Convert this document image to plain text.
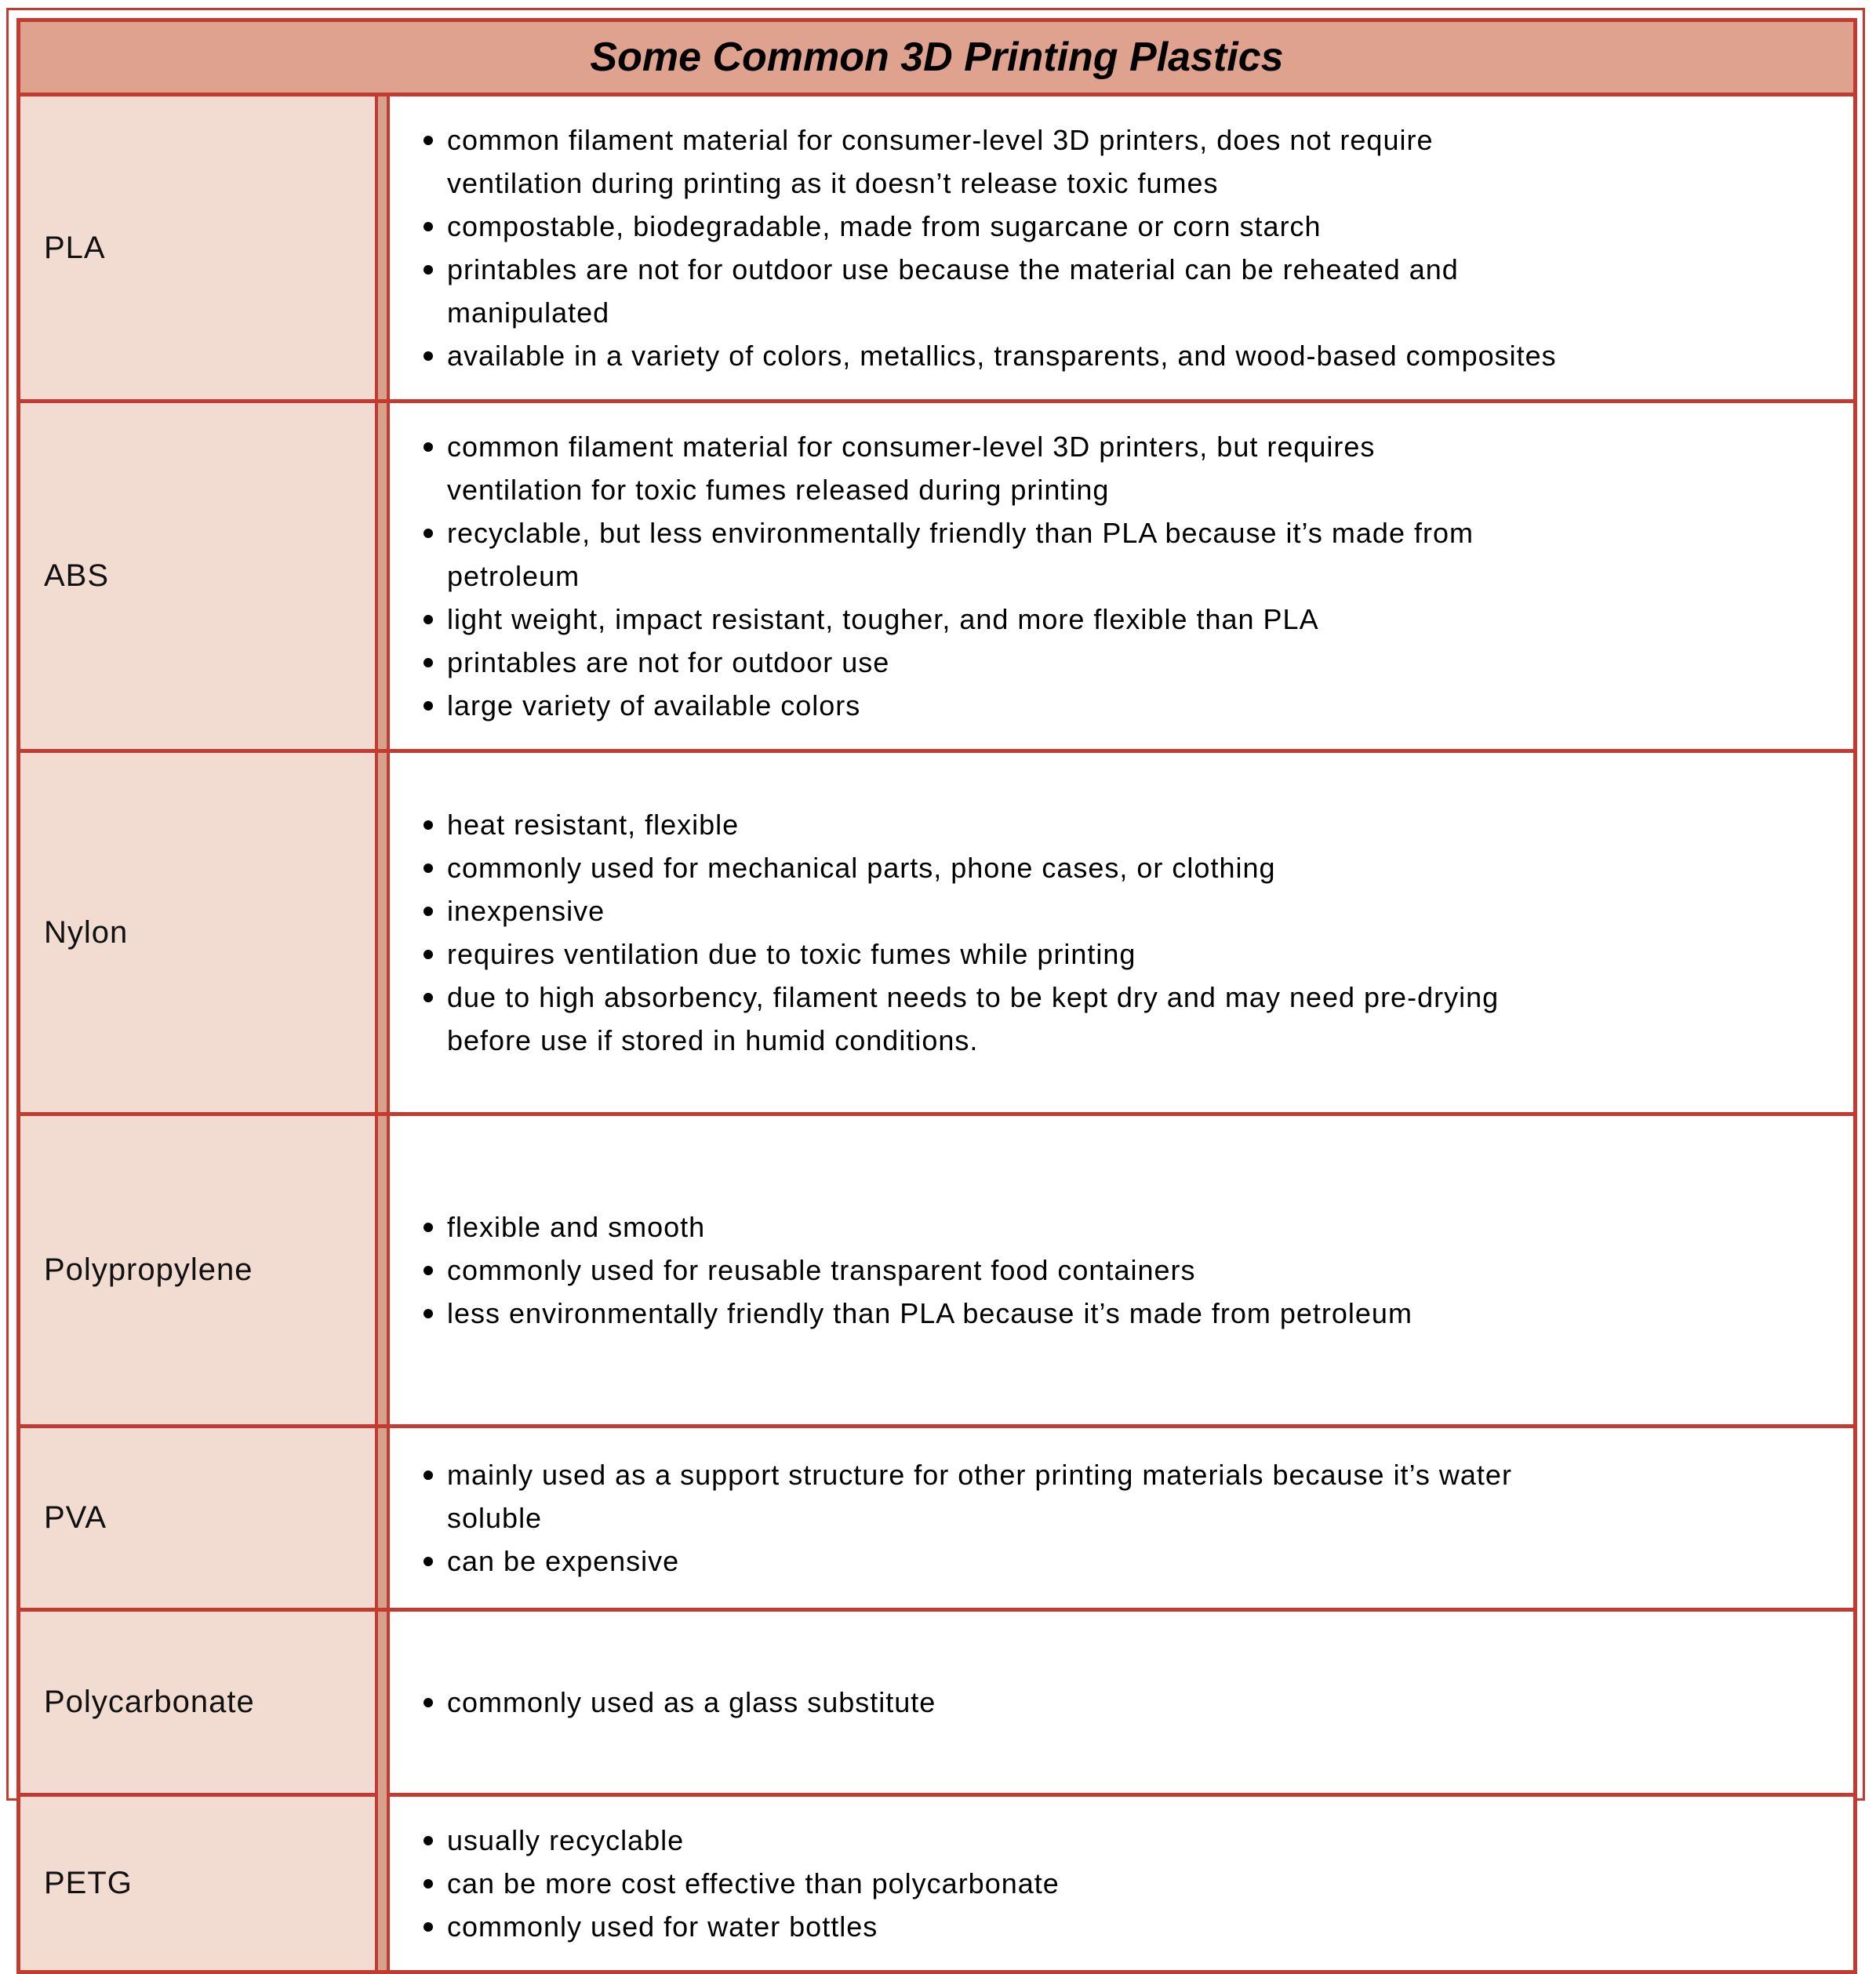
Some Common 3D Printing Plastics
PLA
common filament material for consumer-level 3D printers, does not require
ventilation during printing as it doesn’t release toxic fumes
compostable, biodegradable, made from sugarcane or corn starch
printables are not for outdoor use because the material can be reheated and
manipulated
available in a variety of colors, metallics, transparents, and wood-based composites
ABS
common filament material for consumer-level 3D printers, but requires
ventilation for toxic fumes released during printing
recyclable, but less environmentally friendly than PLA because it’s made from
petroleum
light weight, impact resistant, tougher, and more flexible than PLA
printables are not for outdoor use
large variety of available colors
Nylon
heat resistant, flexible
commonly used for mechanical parts, phone cases, or clothing
inexpensive
requires ventilation due to toxic fumes while printing
due to high absorbency, filament needs to be kept dry and may need pre-drying
before use if stored in humid conditions.
Polypropylene
flexible and smooth
commonly used for reusable transparent food containers
less environmentally friendly than PLA because it’s made from petroleum
PVA
mainly used as a support structure for other printing materials because it’s water
soluble
can be expensive
Polycarbonate	commonly used as a glass substitute
PETG
usually recyclable
can be more cost effective than polycarbonate
commonly used for water bottles
